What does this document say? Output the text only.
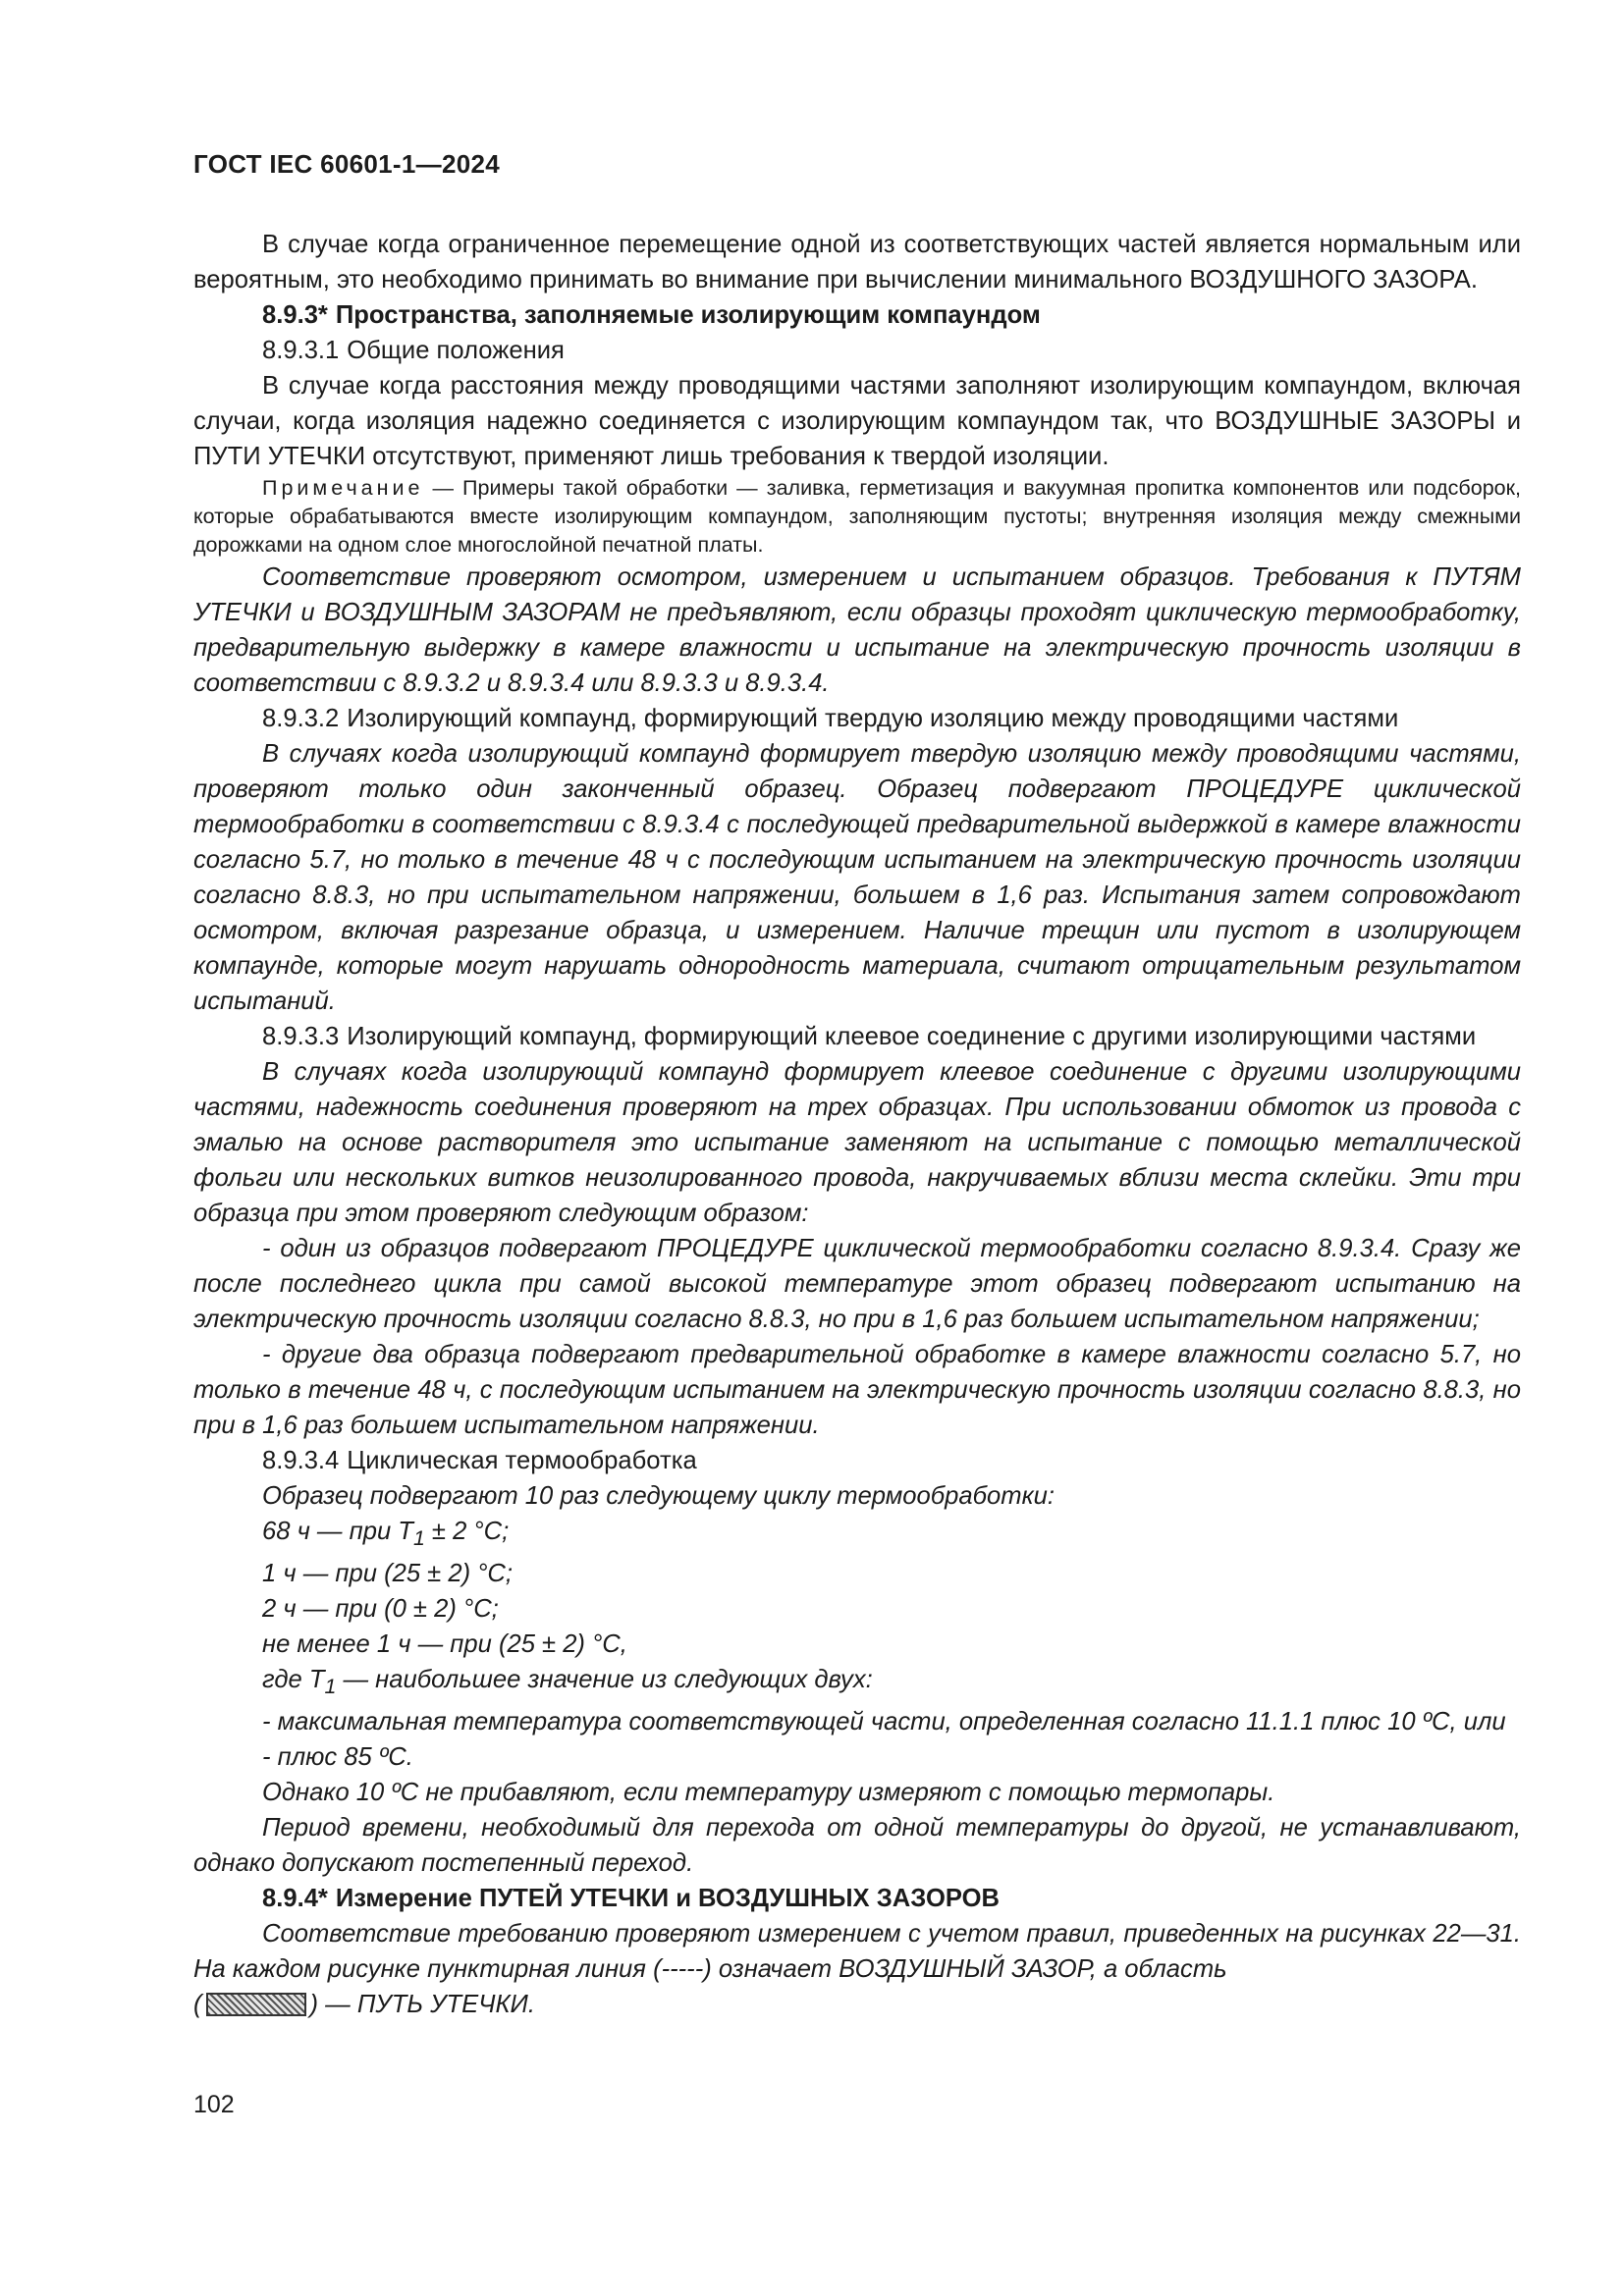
ГОСТ IEC 60601-1—2024

В случае когда ограниченное перемещение одной из соответствующих частей является нормальным или вероятным, это необходимо принимать во внимание при вычислении минимального ВОЗДУШНОГО ЗАЗОРА.

8.9.3* Пространства, заполняемые изолирующим компаундом

8.9.3.1 Общие положения

В случае когда расстояния между проводящими частями заполняют изолирующим компаундом, включая случаи, когда изоляция надежно соединяется с изолирующим компаундом так, что ВОЗДУШНЫЕ ЗАЗОРЫ и ПУТИ УТЕЧКИ отсутствуют, применяют лишь требования к твердой изоляции.

Примечание — Примеры такой обработки — заливка, герметизация и вакуумная пропитка компонентов или подсборок, которые обрабатываются вместе изолирующим компаундом, заполняющим пустоты; внутренняя изоляция между смежными дорожками на одном слое многослойной печатной платы.

Соответствие проверяют осмотром, измерением и испытанием образцов. Требования к ПУТЯМ УТЕЧКИ и ВОЗДУШНЫМ ЗАЗОРАМ не предъявляют, если образцы проходят циклическую термообработку, предварительную выдержку в камере влажности и испытание на электрическую прочность изоляции в соответствии с 8.9.3.2 и 8.9.3.4 или 8.9.3.3 и 8.9.3.4.

8.9.3.2 Изолирующий компаунд, формирующий твердую изоляцию между проводящими частями

В случаях когда изолирующий компаунд формирует твердую изоляцию между проводящими частями, проверяют только один законченный образец. Образец подвергают ПРОЦЕДУРЕ циклической термообработки в соответствии с 8.9.3.4 с последующей предварительной выдержкой в камере влажности согласно 5.7, но только в течение 48 ч с последующим испытанием на электрическую прочность изоляции согласно 8.8.3, но при испытательном напряжении, большем в 1,6 раз. Испытания затем сопровождают осмотром, включая разрезание образца, и измерением. Наличие трещин или пустот в изолирующем компаунде, которые могут нарушать однородность материала, считают отрицательным результатом испытаний.

8.9.3.3 Изолирующий компаунд, формирующий клеевое соединение с другими изолирующими частями

В случаях когда изолирующий компаунд формирует клеевое соединение с другими изолирующими частями, надежность соединения проверяют на трех образцах. При использовании обмоток из провода с эмалью на основе растворителя это испытание заменяют на испытание с помощью металлической фольги или нескольких витков неизолированного провода, накручиваемых вблизи места склейки. Эти три образца при этом проверяют следующим образом:

- один из образцов подвергают ПРОЦЕДУРЕ циклической термообработки согласно 8.9.3.4. Сразу же после последнего цикла при самой высокой температуре этот образец подвергают испытанию на электрическую прочность изоляции согласно 8.8.3, но при в 1,6 раз большем испытательном напряжении;

- другие два образца подвергают предварительной обработке в камере влажности согласно 5.7, но только в течение 48 ч, с последующим испытанием на электрическую прочность изоляции согласно 8.8.3, но при в 1,6 раз большем испытательном напряжении.

8.9.3.4 Циклическая термообработка

Образец подвергают 10 раз следующему циклу термообработки:

68 ч — при $T_1 \pm 2$ °C;

1 ч — при (25 ± 2) °C;

2 ч — при (0 ± 2) °C;

не менее 1 ч — при (25 ± 2) °C,

где $T_1$ — наибольшее значение из следующих двух:

- максимальная температура соответствующей части, определенная согласно 11.1.1 плюс 10 ºС, или

- плюс 85 ºС.

Однако 10 ºС не прибавляют, если температуру измеряют с помощью термопары.

Период времени, необходимый для перехода от одной температуры до другой, не устанавливают, однако допускают постепенный переход.

8.9.4* Измерение ПУТЕЙ УТЕЧКИ и ВОЗДУШНЫХ ЗАЗОРОВ

Соответствие требованию проверяют измерением с учетом правил, приведенных на рисунках 22—31. На каждом рисунке пунктирная линия (-----) означает ВОЗДУШНЫЙ ЗАЗОР, а область

(	) — ПУТЬ УТЕЧКИ.

102
